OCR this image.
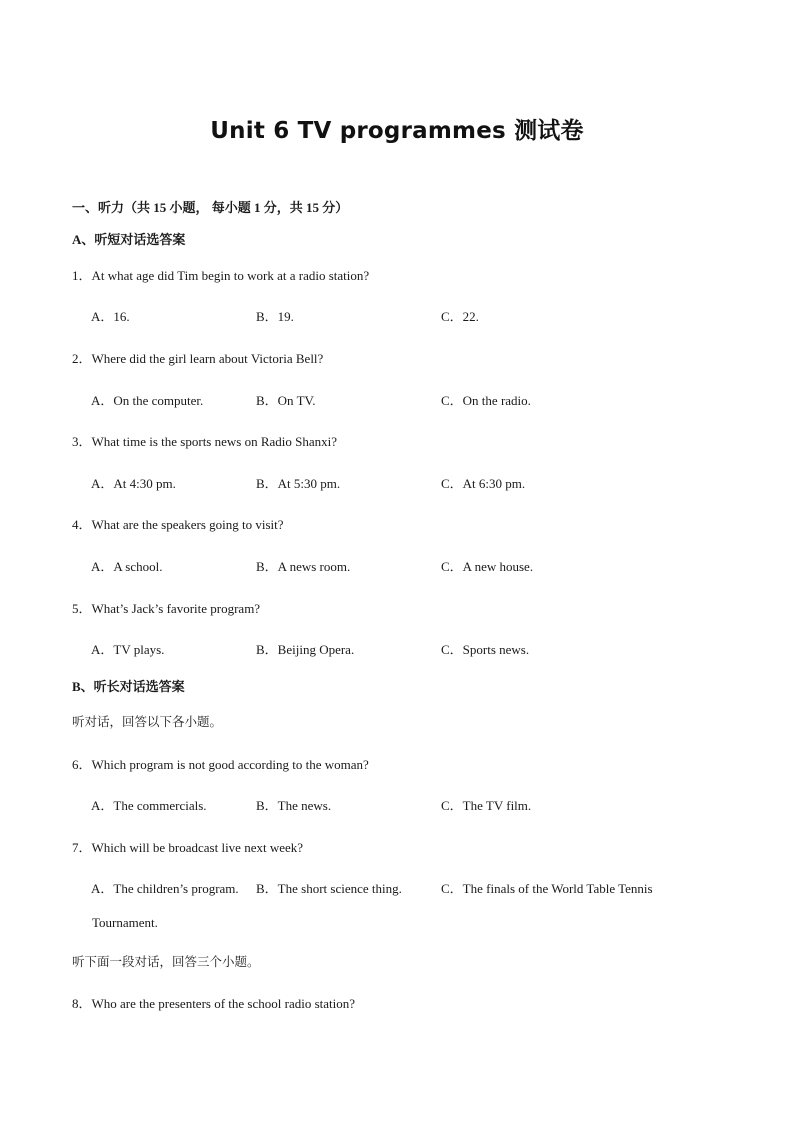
Unit 6 TV programmes 测试卷
一、听力（共 15 小题， 每小题 1 分，共 15 分）
A、听短对话选答案
1．At what age did Tim begin to work at a radio station?
A．16.	B．19.	C．22.
2．Where did the girl learn about Victoria Bell?
A．On the computer.	B．On TV.	C．On the radio.
3．What time is the sports news on Radio Shanxi?
A．At 4:30 pm.	B．At 5:30 pm.	C．At 6:30 pm.
4．What are the speakers going to visit?
A．A school.	B．A news room.	C．A new house.
5．What’s Jack’s favorite program?
A．TV plays.	B．Beijing Opera.	C．Sports news.
B、听长对话选答案
听对话，回答以下各小题。
6．Which program is not good according to the woman?
A．The commercials.	B．The news.	C．The TV film.
7．Which will be broadcast live next week?
A．The children’s program. B．The short science thing.	C．The finals of the World Table Tennis
Tournament.
听下面一段对话，回答三个小题。
8．Who are the presenters of the school radio station?
